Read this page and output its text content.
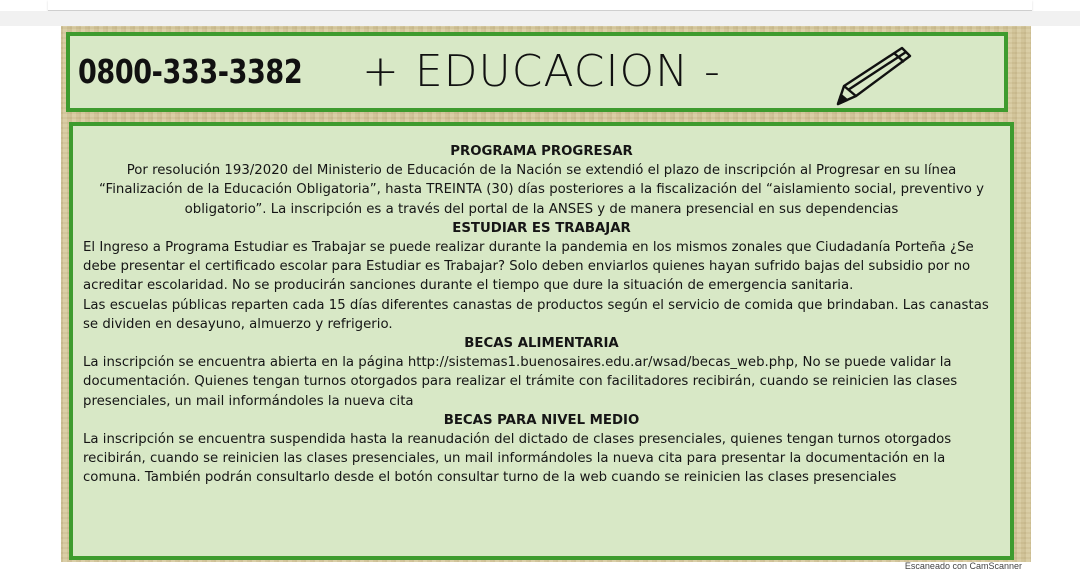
0800-333-3382 + EDUCACION -
PROGRAMA PROGRESAR
Por resolución 193/2020 del Ministerio de Educación de la Nación se extendió el plazo de inscripción al Progresar en su línea “Finalización de la Educación Obligatoria”, hasta TREINTA (30) días posteriores a la fiscalización del “aislamiento social, preventivo y obligatorio”. La inscripción es a través del portal de la ANSES y de manera presencial en sus dependencias
ESTUDIAR ES TRABAJAR
El Ingreso a Programa Estudiar es Trabajar se puede realizar durante la pandemia en los mismos zonales que Ciudadanía Porteña ¿Se debe presentar el certificado escolar para Estudiar es Trabajar? Solo deben enviarlos quienes hayan sufrido bajas del subsidio por no acreditar escolaridad. No se producirán sanciones durante el tiempo que dure la situación de emergencia sanitaria.
Las escuelas públicas reparten cada 15 días diferentes canastas de productos según el servicio de comida que brindaban. Las canastas se dividen en desayuno, almuerzo y refrigerio.
BECAS ALIMENTARIA
La inscripción se encuentra abierta en la página http://sistemas1.buenosaires.edu.ar/wsad/becas_web.php, No se puede validar la documentación. Quienes tengan turnos otorgados para realizar el trámite con facilitadores recibirán, cuando se reinicien las clases presenciales, un mail informándoles la nueva cita
BECAS PARA NIVEL MEDIO
La inscripción se encuentra suspendida hasta la reanudación del dictado de clases presenciales, quienes tengan turnos otorgados recibirán, cuando se reinicien las clases presenciales, un mail informándoles la nueva cita para presentar la documentación en la comuna. También podrán consultarlo desde el botón consultar turno de la web cuando se reinicien las clases presenciales
Escaneado con CamScanner
